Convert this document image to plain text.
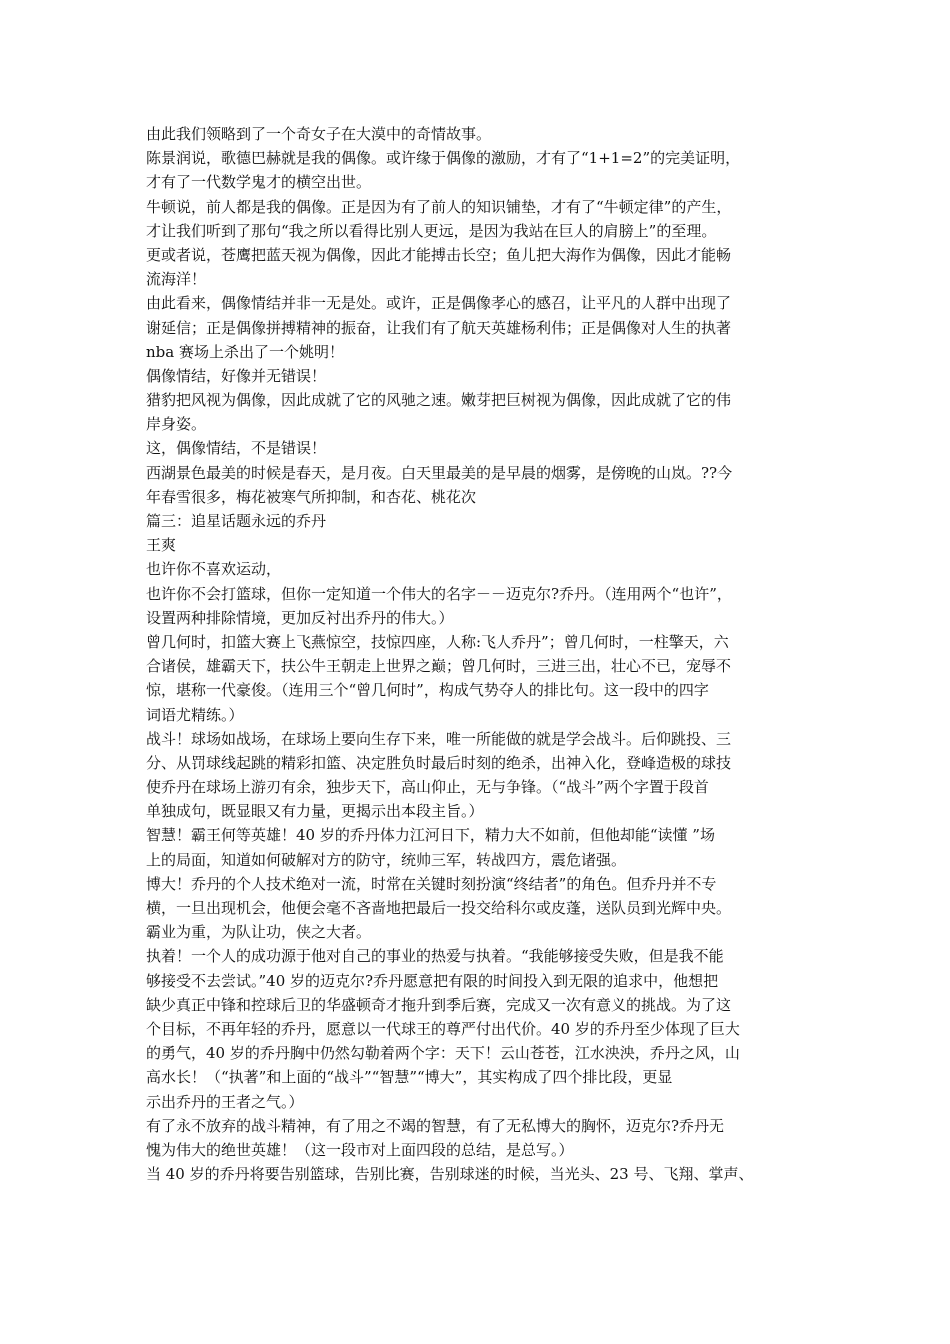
由此我们领略到了一个奇女子在大漠中的奇情故事。
陈景润说，歌德巴赫就是我的偶像。或许缘于偶像的激励，才有了“1+1=2”的完美证明，
才有了一代数学鬼才的横空出世。
牛顿说，前人都是我的偶像。正是因为有了前人的知识铺垫，才有了“牛顿定律”的产生，
才让我们听到了那句“我之所以看得比别人更远，是因为我站在巨人的肩膀上”的至理。
更或者说，苍鹰把蓝天视为偶像，因此才能搏击长空；鱼儿把大海作为偶像，因此才能畅
流海洋！
由此看来，偶像情结并非一无是处。或许，正是偶像孝心的感召，让平凡的人群中出现了
谢延信；正是偶像拼搏精神的振奋，让我们有了航天英雄杨利伟；正是偶像对人生的执著
nba 赛场上杀出了一个姚明！
偶像情结，好像并无错误！
猎豹把风视为偶像，因此成就了它的风驰之速。嫩芽把巨树视为偶像，因此成就了它的伟
岸身姿。
这，偶像情结，不是错误！
西湖景色最美的时候是春天，是月夜。白天里最美的是早晨的烟雾，是傍晚的山岚。??今
年春雪很多，梅花被寒气所抑制，和杏花、桃花次
篇三：追星话题永远的乔丹
王爽
也许你不喜欢运动，
也许你不会打篮球，但你一定知道一个伟大的名字－－迈克尔?乔丹。（连用两个“也许”，
设置两种排除情境，更加反衬出乔丹的伟大。）
曾几何时，扣篮大赛上飞燕惊空，技惊四座，人称:飞人乔丹”；曾几何时，一柱擎天，六
合诸侯，雄霸天下，扶公牛王朝走上世界之巅；曾几何时，三进三出，壮心不已，宠辱不
惊，堪称一代豪俊。（连用三个“曾几何时”，构成气势夺人的排比句。这一段中的四字
词语尤精练。）
战斗！球场如战场，在球场上要向生存下来，唯一所能做的就是学会战斗。后仰跳投、三
分、从罚球线起跳的精彩扣篮、决定胜负时最后时刻的绝杀，出神入化，登峰造极的球技
使乔丹在球场上游刃有余，独步天下，高山仰止，无与争锋。（“战斗”两个字置于段首
单独成句，既显眼又有力量，更揭示出本段主旨。）
智慧！霸王何等英雄！40 岁的乔丹体力江河日下，精力大不如前，但他却能“读懂 ”场
上的局面，知道如何破解对方的防守，统帅三军，转战四方，震危诸强。
博大！乔丹的个人技术绝对一流，时常在关键时刻扮演“终结者”的角色。但乔丹并不专
横，一旦出现机会，他便会毫不吝啬地把最后一投交给科尔或皮蓬，送队员到光辉中央。
霸业为重，为队让功，侠之大者。
执着！一个人的成功源于他对自己的事业的热爱与执着。“我能够接受失败，但是我不能
够接受不去尝试。”40 岁的迈克尔?乔丹愿意把有限的时间投入到无限的追求中，他想把
缺少真正中锋和控球后卫的华盛顿奇才拖升到季后赛，完成又一次有意义的挑战。为了这
个目标，不再年轻的乔丹，愿意以一代球王的尊严付出代价。40 岁的乔丹至少体现了巨大
的勇气，40 岁的乔丹胸中仍然勾勒着两个字：天下！云山苍苍，江水泱泱，乔丹之风，山
高水长！（“执著”和上面的“战斗”“智慧”“博大”，其实构成了四个排比段，更显
示出乔丹的王者之气。）
有了永不放弃的战斗精神，有了用之不竭的智慧，有了无私博大的胸怀，迈克尔?乔丹无
愧为伟大的绝世英雄！（这一段市对上面四段的总结，是总写。）
当 40 岁的乔丹将要告别篮球，告别比赛，告别球迷的时候，当光头、23 号、飞翔、掌声、
